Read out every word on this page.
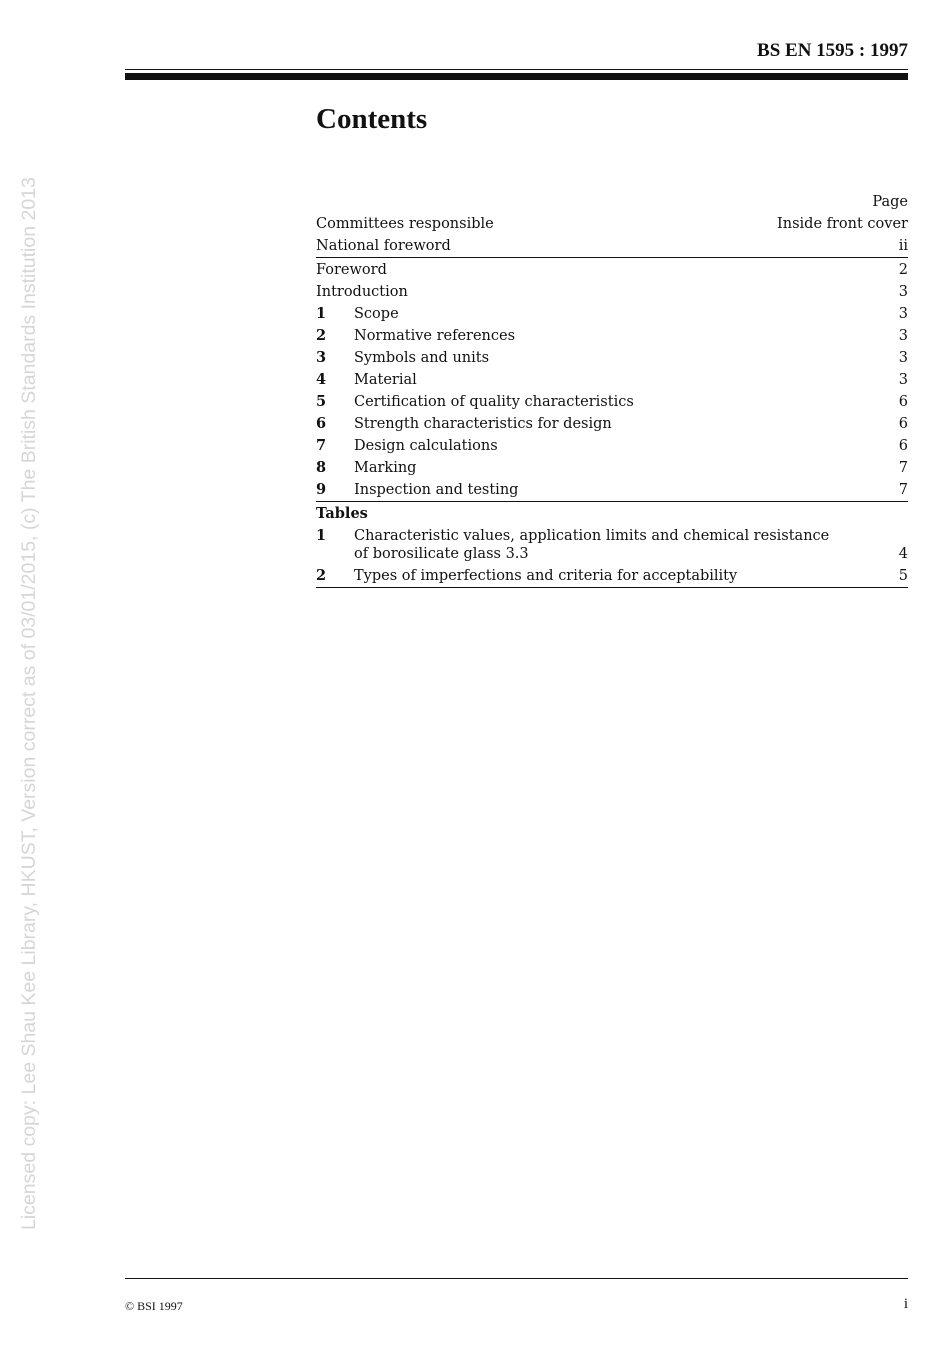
BS EN 1595 : 1997
Contents
Page
Committees responsible	Inside front cover
National foreword	ii
Foreword	2
Introduction	3
1	Scope	3
2	Normative references	3
3	Symbols and units	3
4	Material	3
5	Certification of quality characteristics	6
6	Strength characteristics for design	6
7	Design calculations	6
8	Marking	7
9	Inspection and testing	7
Tables
1	Characteristic values, application limits and chemical resistance of borosilicate glass 3.3	4
2	Types of imperfections and criteria for acceptability	5
Licensed copy: Lee Shau Kee Library, HKUST, Version correct as of 03/01/2015, (c) The British Standards Institution 2013
© BSI 1997	i
